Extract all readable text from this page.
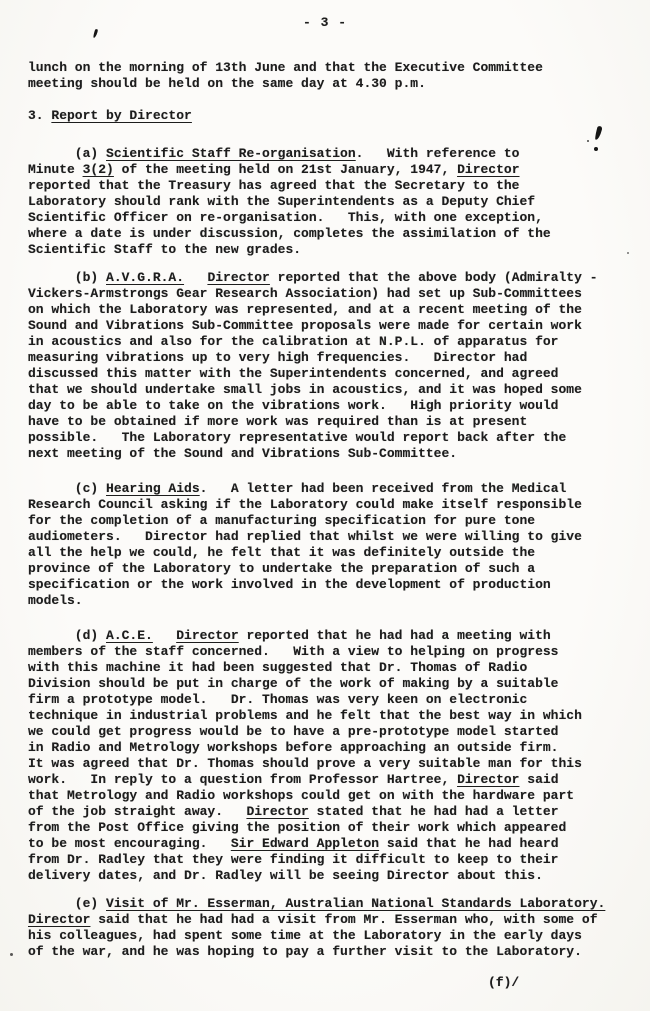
- 3 -
lunch on the morning of 13th June and that the Executive Committee
meeting should be held on the same day at 4.30 p.m.
3. Report by Director
(a) Scientific Staff Re-organisation.   With reference to
Minute 3(2) of the meeting held on 21st January, 1947, Director
reported that the Treasury has agreed that the Secretary to the
Laboratory should rank with the Superintendents as a Deputy Chief
Scientific Officer on re-organisation.   This, with one exception,
where a date is under discussion, completes the assimilation of the
Scientific Staff to the new grades.
(b) A.V.G.R.A. Director reported that the above body (Admiralty -
Vickers-Armstrongs Gear Research Association) had set up Sub-Committees
on which the Laboratory was represented, and at a recent meeting of the
Sound and Vibrations Sub-Committee proposals were made for certain work
in acoustics and also for the calibration at N.P.L. of apparatus for
measuring vibrations up to very high frequencies.   Director had
discussed this matter with the Superintendents concerned, and agreed
that we should undertake small jobs in acoustics, and it was hoped some
day to be able to take on the vibrations work.   High priority would
have to be obtained if more work was required than is at present
possible.   The Laboratory representative would report back after the
next meeting of the Sound and Vibrations Sub-Committee.
(c) Hearing Aids.   A letter had been received from the Medical
Research Council asking if the Laboratory could make itself responsible
for the completion of a manufacturing specification for pure tone
audiometers.   Director had replied that whilst we were willing to give
all the help we could, he felt that it was definitely outside the
province of the Laboratory to undertake the preparation of such a
specification or the work involved in the development of production
models.
(d) A.C.E. Director reported that he had had a meeting with
members of the staff concerned.   With a view to helping on progress
with this machine it had been suggested that Dr. Thomas of Radio
Division should be put in charge of the work of making by a suitable
firm a prototype model.   Dr. Thomas was very keen on electronic
technique in industrial problems and he felt that the best way in which
we could get progress would be to have a pre-prototype model started
in Radio and Metrology workshops before approaching an outside firm.
It was agreed that Dr. Thomas should prove a very suitable man for this
work.   In reply to a question from Professor Hartree, Director said
that Metrology and Radio workshops could get on with the hardware part
of the job straight away.   Director stated that he had had a letter
from the Post Office giving the position of their work which appeared
to be most encouraging.   Sir Edward Appleton said that he had heard
from Dr. Radley that they were finding it difficult to keep to their
delivery dates, and Dr. Radley will be seeing Director about this.
(e) Visit of Mr. Esserman, Australian National Standards Laboratory.
Director said that he had had a visit from Mr. Esserman who, with some of
his colleagues, had spent some time at the Laboratory in the early days
of the war, and he was hoping to pay a further visit to the Laboratory.
(f)/
